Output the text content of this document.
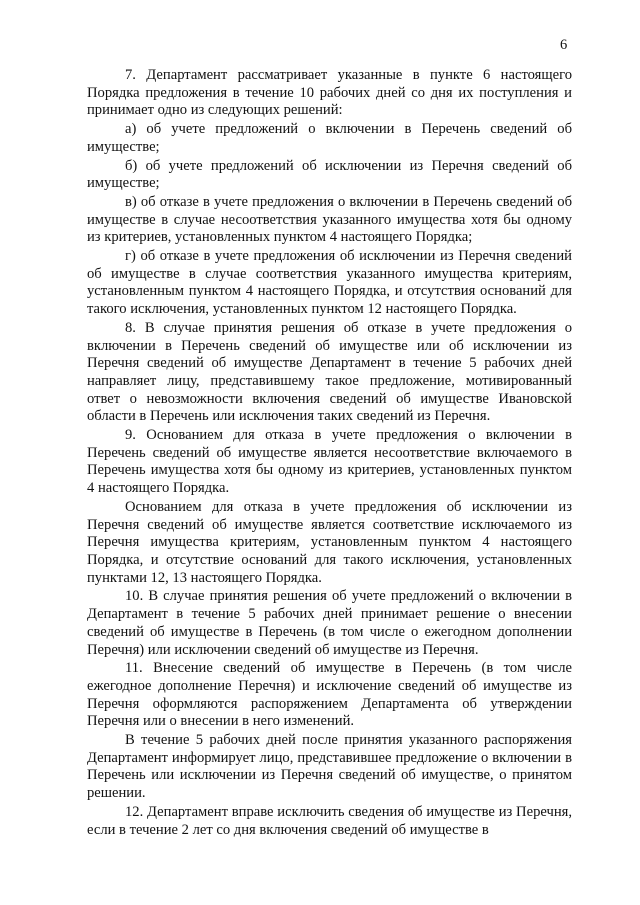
6

7. Департамент рассматривает указанные в пункте 6 настоящего Порядка предложения в течение 10 рабочих дней со дня их поступления и принимает одно из следующих решений:

а) об учете предложений о включении в Перечень сведений об имуществе;

б) об учете предложений об исключении из Перечня сведений об имуществе;

в) об отказе в учете предложения о включении в Перечень сведений об имуществе в случае несоответствия указанного имущества хотя бы одному из критериев, установленных пунктом 4 настоящего Порядка;

г) об отказе в учете предложения об исключении из Перечня сведений об имуществе в случае соответствия указанного имущества критериям, установленным пунктом 4 настоящего Порядка, и отсутствия оснований для такого исключения, установленных пунктом 12 настоящего Порядка.

8. В случае принятия решения об отказе в учете предложения о включении в Перечень сведений об имуществе или об исключении из Перечня сведений об имуществе Департамент в течение 5 рабочих дней направляет лицу, представившему такое предложение, мотивированный ответ о невозможности включения сведений об имуществе Ивановской области в Перечень или исключения таких сведений из Перечня.

9. Основанием для отказа в учете предложения о включении в Перечень сведений об имуществе является несоответствие включаемого в Перечень имущества хотя бы одному из критериев, установленных пунктом 4 настоящего Порядка.

Основанием для отказа в учете предложения об исключении из Перечня сведений об имуществе является соответствие исключаемого из Перечня имущества критериям, установленным пунктом 4 настоящего Порядка, и отсутствие оснований для такого исключения, установленных пунктами 12, 13 настоящего Порядка.

10. В случае принятия решения об учете предложений о включении в Департамент в течение 5 рабочих дней принимает решение о внесении сведений об имуществе в Перечень (в том числе о ежегодном дополнении Перечня) или исключении сведений об имуществе из Перечня.

11. Внесение сведений об имуществе в Перечень (в том числе ежегодное дополнение Перечня) и исключение сведений об имуществе из Перечня оформляются распоряжением Департамента об утверждении Перечня или о внесении в него изменений.

В течение 5 рабочих дней после принятия указанного распоряжения Департамент информирует лицо, представившее предложение о включении в Перечень или исключении из Перечня сведений об имуществе, о принятом решении.

12. Департамент вправе исключить сведения об имуществе из Перечня, если в течение 2 лет со дня включения сведений об имуществе в
